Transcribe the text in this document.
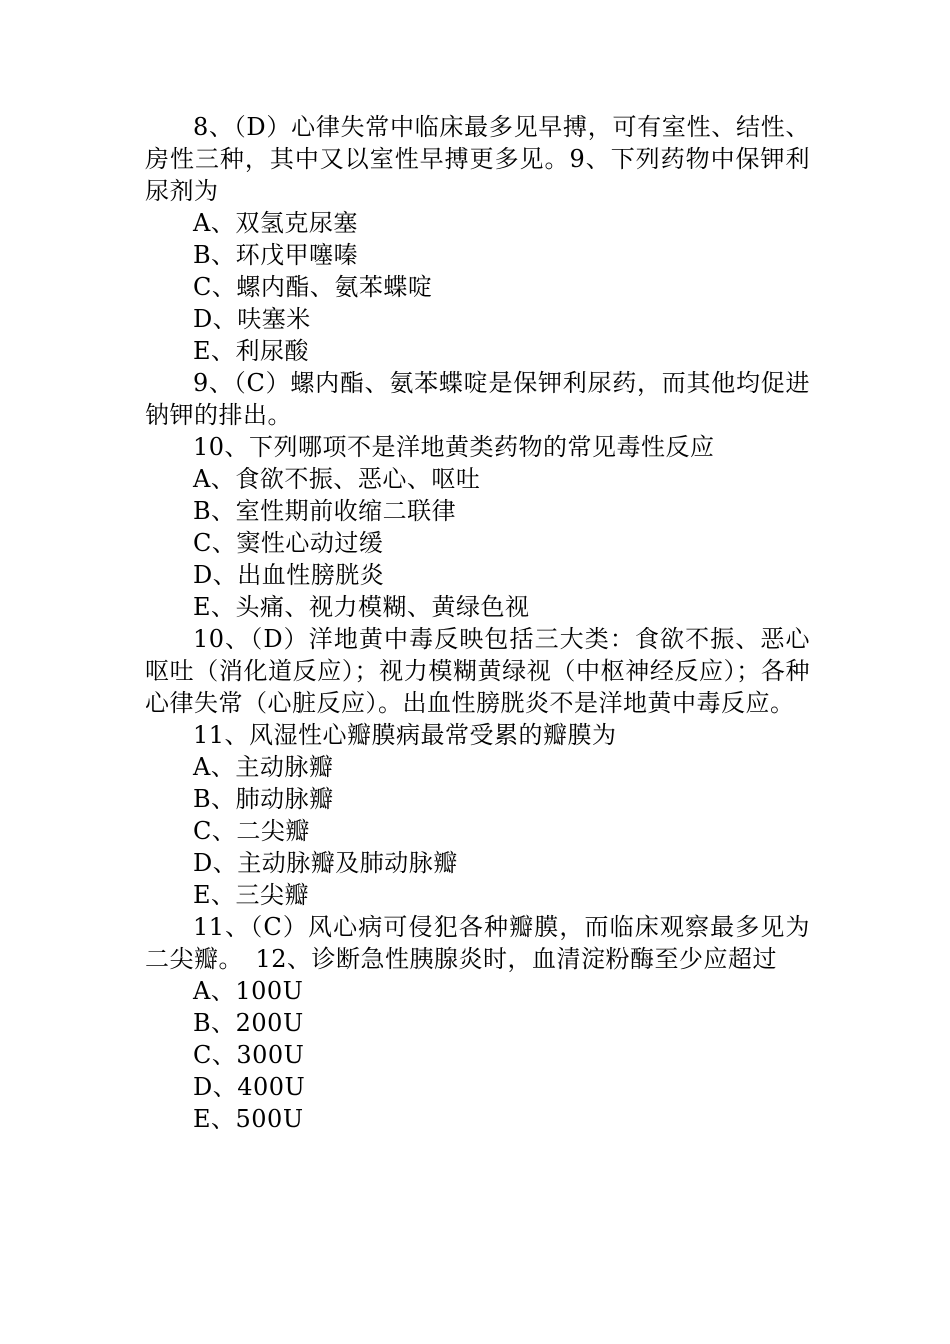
8、（D）心律失常中临床最多见早搏，可有室性、结性、房性三种，其中又以室性早搏更多见。9、下列药物中保钾利尿剂为

A、双氢克尿塞

B、环戊甲噻嗪

C、螺内酯、氨苯蝶啶

D、呋塞米

E、利尿酸

9、（C）螺内酯、氨苯蝶啶是保钾利尿药，而其他均促进钠钾的排出。

10、下列哪项不是洋地黄类药物的常见毒性反应

A、食欲不振、恶心、呕吐

B、室性期前收缩二联律

C、窦性心动过缓

D、出血性膀胱炎

E、头痛、视力模糊、黄绿色视

10、（D）洋地黄中毒反映包括三大类：食欲不振、恶心呕吐（消化道反应）；视力模糊黄绿视（中枢神经反应）；各种心律失常（心脏反应）。出血性膀胱炎不是洋地黄中毒反应。

11、风湿性心瓣膜病最常受累的瓣膜为

A、主动脉瓣

B、肺动脉瓣

C、二尖瓣

D、主动脉瓣及肺动脉瓣

E、三尖瓣

11、（C）风心病可侵犯各种瓣膜，而临床观察最多见为二尖瓣。　12、诊断急性胰腺炎时，血清淀粉酶至少应超过

A、100U

B、200U

C、300U

D、400U

E、500U
